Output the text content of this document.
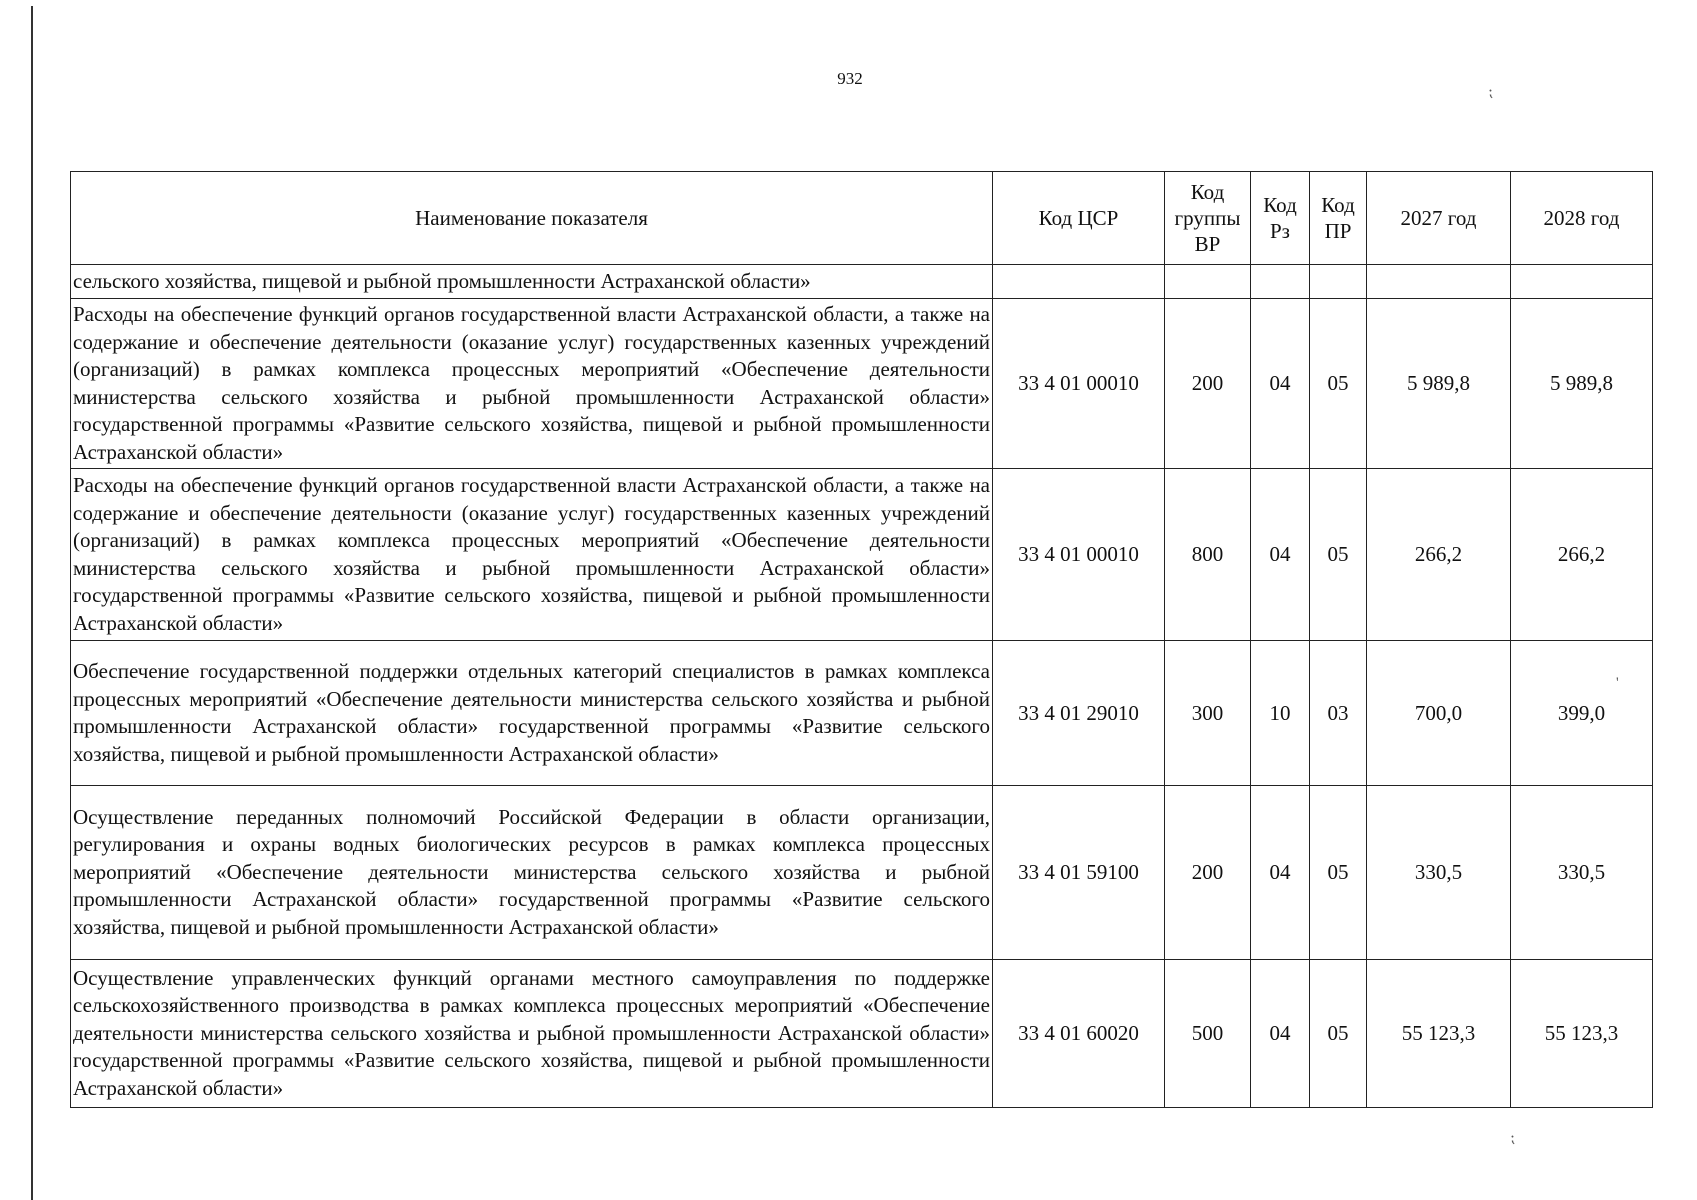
932
⁏
'
⁏
Наименование показателя	Код ЦСР	Код группы ВР	Код Рз	Код ПР	2027 год	2028 год
сельского хозяйства, пищевой и рыбной промышленности Астраханской области»						
Расходы на обеспечение функций органов государственной власти Астраханской области, а также на содержание и обеспечение деятельности (оказание услуг) государственных казенных учреждений (организаций) в рамках комплекса процессных мероприятий «Обеспечение деятельности министерства сельского хозяйства и рыбной промышленности Астраханской области» государственной программы «Развитие сельского хозяйства, пищевой и рыбной промышленности Астраханской области»	33 4 01 00010	200	04	05	5 989,8	5 989,8
Расходы на обеспечение функций органов государственной власти Астраханской области, а также на содержание и обеспечение деятельности (оказание услуг) государственных казенных учреждений (организаций) в рамках комплекса процессных мероприятий «Обеспечение деятельности министерства сельского хозяйства и рыбной промышленности Астраханской области» государственной программы «Развитие сельского хозяйства, пищевой и рыбной промышленности Астраханской области»	33 4 01 00010	800	04	05	266,2	266,2
Обеспечение государственной поддержки отдельных категорий специалистов в рамках комплекса процессных мероприятий «Обеспечение деятельности министерства сельского хозяйства и рыбной промышленности Астраханской области» государственной программы «Развитие сельского хозяйства, пищевой и рыбной промышленности Астраханской области»	33 4 01 29010	300	10	03	700,0	399,0
Осуществление переданных полномочий Российской Федерации в области организации, регулирования и охраны водных биологических ресурсов в рамках комплекса процессных мероприятий «Обеспечение деятельности министерства сельского хозяйства и рыбной промышленности Астраханской области» государственной программы «Развитие сельского хозяйства, пищевой и рыбной промышленности Астраханской области»	33 4 01 59100	200	04	05	330,5	330,5
Осуществление управленческих функций органами местного самоуправления по поддержке сельскохозяйственного производства в рамках комплекса процессных мероприятий «Обеспечение деятельности министерства сельского хозяйства и рыбной промышленности Астраханской области» государственной программы «Развитие сельского хозяйства, пищевой и рыбной промышленности Астраханской области»	33 4 01 60020	500	04	05	55 123,3	55 123,3
